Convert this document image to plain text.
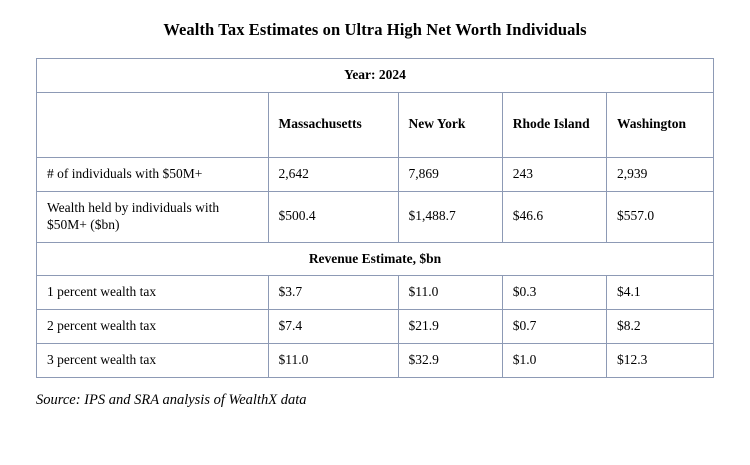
Wealth Tax Estimates on Ultra High Net Worth Individuals
Year: 2024				
	Massachusetts	New York	Rhode Island	Washington
# of individuals with $50M+	2,642	7,869	243	2,939
Wealth held by individuals with $50M+ ($bn)	$500.4	$1,488.7	$46.6	$557.0
Revenue Estimate, $bn				
1 percent wealth tax	$3.7	$11.0	$0.3	$4.1
2 percent wealth tax	$7.4	$21.9	$0.7	$8.2
3 percent wealth tax	$11.0	$32.9	$1.0	$12.3
Source: IPS and SRA analysis of WealthX data
